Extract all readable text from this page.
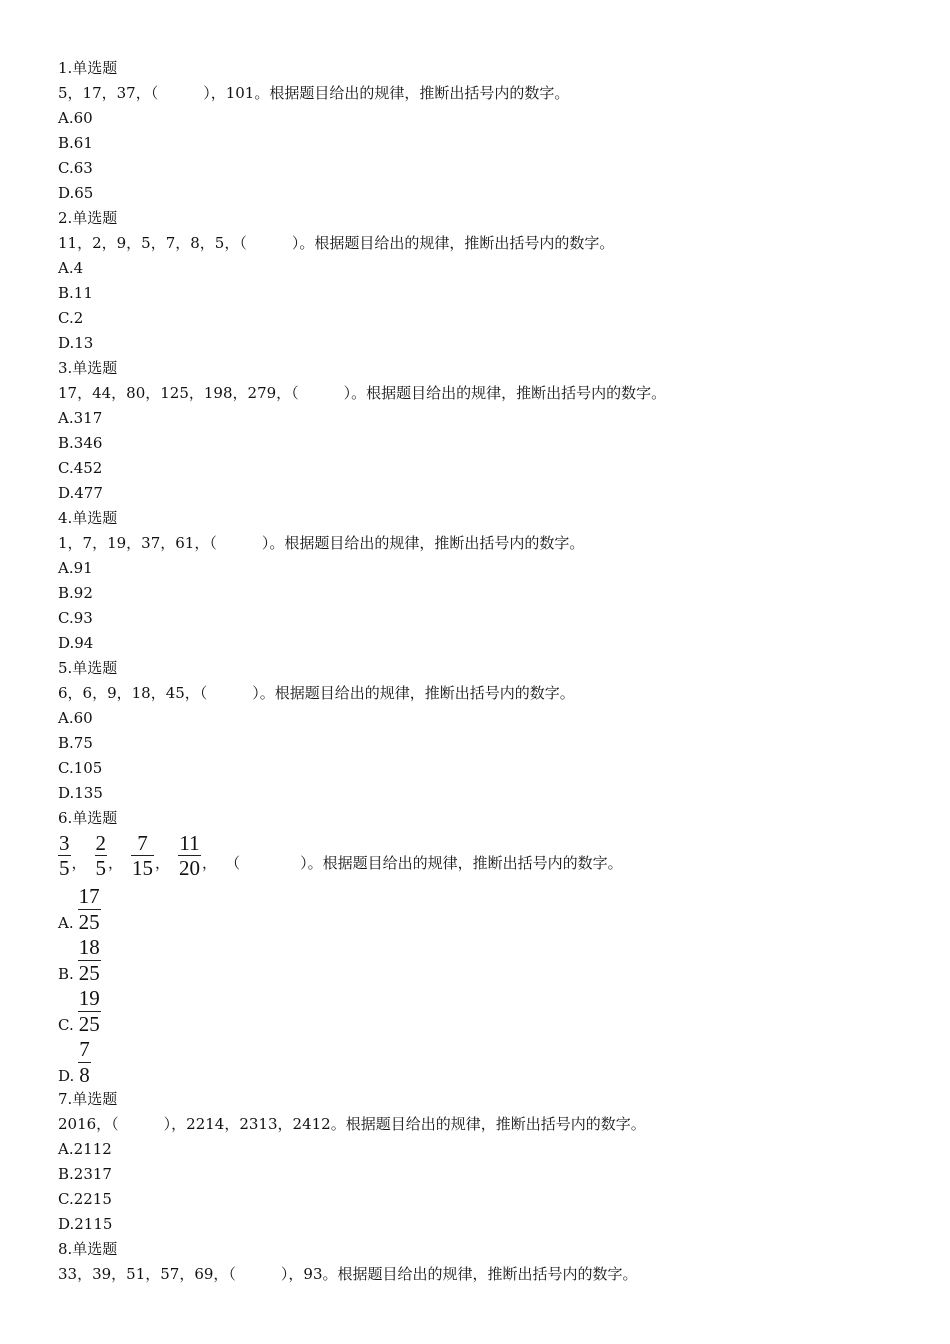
1.单选题
5，17，37，（　　　），101。根据题目给出的规律，推断出括号内的数字。
A.60
B.61
C.63
D.65
2.单选题
11，2，9，5，7，8，5，（　　　）。根据题目给出的规律，推断出括号内的数字。
A.4
B.11
C.2
D.13
3.单选题
17，44，80，125，198，279，（　　　）。根据题目给出的规律，推断出括号内的数字。
A.317
B.346
C.452
D.477
4.单选题
1，7，19，37，61，（　　　）。根据题目给出的规律，推断出括号内的数字。
A.91
B.92
C.93
D.94
5.单选题
6，6，9，18，45，（　　　）。根据题目给出的规律，推断出括号内的数字。
A.60
B.75
C.105
D.135
6.单选题
$\frac{3}{5}$ ， $\frac{2}{5}$ ， $\frac{7}{15}$ ， $\frac{11}{20}$ ， （　　　　）。根据题目给出的规律，推断出括号内的数字。
A. $\frac{17}{25}$
B. $\frac{18}{25}$
C. $\frac{19}{25}$
D. $\frac{7}{8}$
7.单选题
2016，（　　　），2214，2313，2412。根据题目给出的规律，推断出括号内的数字。
A.2112
B.2317
C.2215
D.2115
8.单选题
33，39，51，57，69，（　　　），93。根据题目给出的规律，推断出括号内的数字。
